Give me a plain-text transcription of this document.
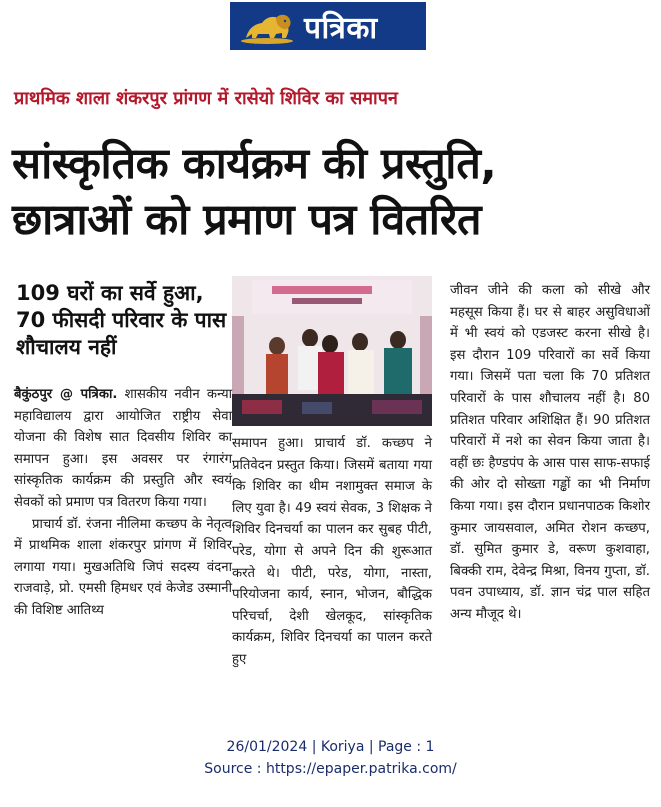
पत्रिका
प्राथमिक शाला शंकरपुर प्रांगण में रासेयो शिविर का समापन
सांस्कृतिक कार्यक्रम की प्रस्तुति,
छात्राओं को प्रमाण पत्र वितरित
109 घरों का सर्वे हुआ, 70 फीसदी परिवार के पास शौचालय नहीं

बैकुंठपुर @ पत्रिका. शासकीय नवीन कन्या महाविद्यालय द्वारा आयोजित राष्ट्रीय सेवा योजना की विशेष सात दिवसीय शिविर का समापन हुआ। इस अवसर पर रंगारंग सांस्कृतिक कार्यक्रम की प्रस्तुति और स्वयं सेवकों को प्रमाण पत्र वितरण किया गया।

प्राचार्य डॉ. रंजना नीलिमा कच्छप के नेतृत्व में प्राथमिक शाला शंकरपुर प्रांगण में शिविर लगाया गया। मुखअतिथि जिपं सदस्य वंदना राजवाड़े, प्रो. एमसी हिमधर एवं केजेड उस्मानी की विशिष्ट आतिथ्य

समापन हुआ। प्राचार्य डॉ. कच्छप ने प्रतिवेदन प्रस्तुत किया। जिसमें बताया गया कि शिविर का थीम नशामुक्त समाज के लिए युवा है। 49 स्वयं सेवक, 3 शिक्षक ने शिविर दिनचर्या का पालन कर सुबह पीटी, परेड, योगा से अपने दिन की शुरूआत करते थे। पीटी, परेड, योगा, नास्ता, परियोजना कार्य, स्नान, भोजन, बौद्धिक परिचर्चा, देशी खेलकूद, सांस्कृतिक कार्यक्रम, शिविर दिनचर्या का पालन करते हुए

जीवन जीने की कला को सीखे और महसूस किया हैं। घर से बाहर असुविधाओं में भी स्वयं को एडजस्ट करना सीखे है। इस दौरान 109 परिवारों का सर्वे किया गया। जिसमें पता चला कि 70 प्रतिशत परिवारों के पास शौचालय नहीं है। 80 प्रतिशत परिवार अशिक्षित हैं। 90 प्रतिशत परिवारों में नशे का सेवन किया जाता है। वहीं छः हैण्डपंप के आस पास साफ-सफाई की ओर दो सोख्ता गड्ढों का भी निर्माण किया गया। इस दौरान प्रधानपाठक किशोर कुमार जायसवाल, अमित रोशन कच्छप, डॉ. सुमित कुमार डे, वरूण कुशवाहा, बिक्की राम, देवेन्द्र मिश्रा, विनय गुप्ता, डॉ. पवन उपाध्याय, डॉ. ज्ञान चंद्र पाल सहित अन्य मौजूद थे।

26/01/2024 | Koriya | Page : 1
Source : https://epaper.patrika.com/
